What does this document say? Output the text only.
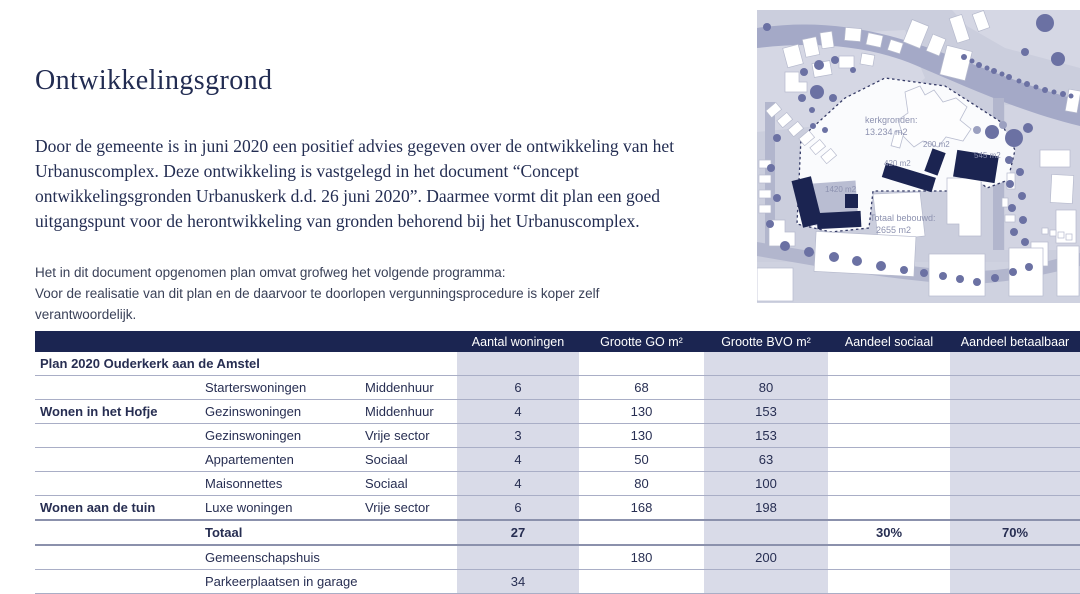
Ontwikkelingsgrond

Door de gemeente is in juni 2020 een positief advies gegeven over de ontwikkeling van het Urbanuscomplex. Deze ontwikkeling is vastgelegd in het document “Concept ontwikkelingsgronden Urbanuskerk d.d. 26 juni 2020”. Daarmee vormt dit plan een goed uitgangspunt voor de herontwikkeling van gronden behorend bij het Urbanuscomplex.

Het in dit document opgenomen plan omvat grofweg het volgende programma:
Voor de realisatie van dit plan en de daarvoor te doorlopen vergunningsprocedure is koper zelf verantwoordelijk.
kerkgronden:
13.234 m2
200 m2
420 m2
545 m2
1420 m2
Totaal bebouwd:
2655 m2
			Aantal woningen	Grootte GO m²	Grootte BVO m²	Aandeel sociaal	Aandeel betaalbaar
Plan 2020 Ouderkerk aan de Amstel							
	Starterswoningen	Middenhuur	6	68	80		
Wonen in het Hofje	Gezinswoningen	Middenhuur	4	130	153		
	Gezinswoningen	Vrije sector	3	130	153		
	Appartementen	Sociaal	4	50	63		
	Maisonnettes	Sociaal	4	80	100		
Wonen aan de tuin	Luxe woningen	Vrije sector	6	168	198		
	Totaal		27			30%	70%
	Gemeenschapshuis			180	200		
	Parkeerplaatsen in garage		34				
